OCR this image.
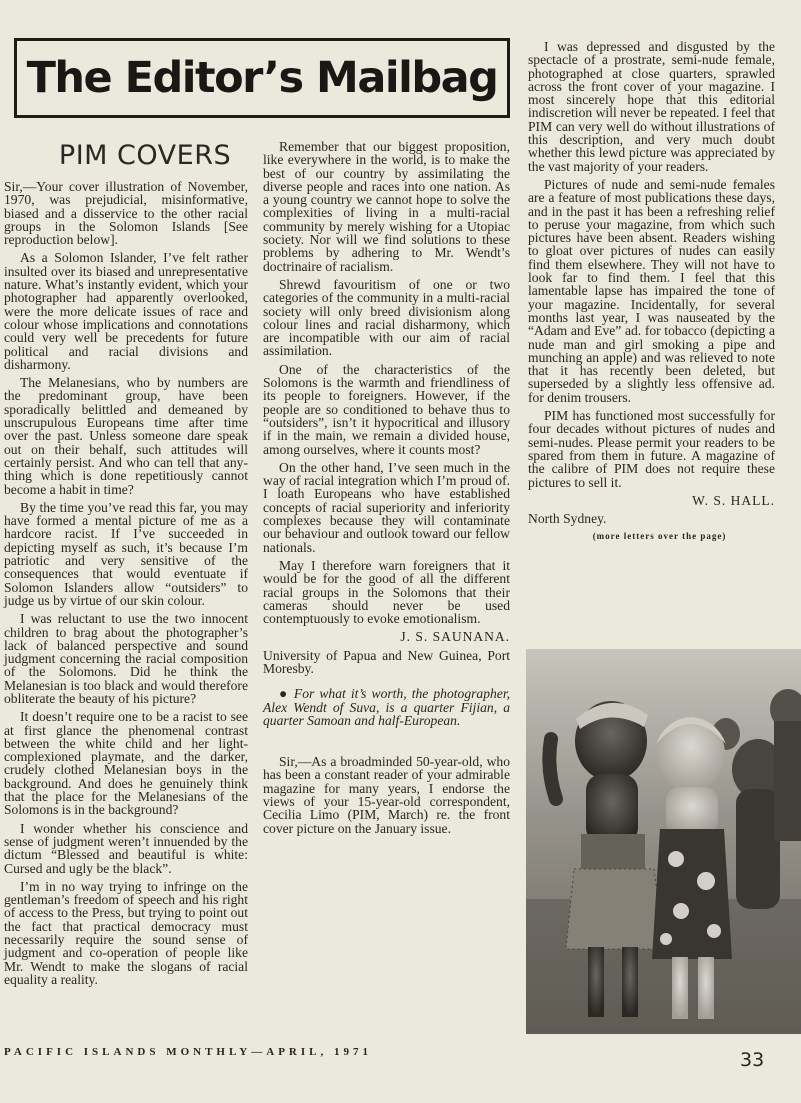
The Editor’s Mailbag
PIM COVERS

Sir,—Your cover illustration of November, 1970, was prejudicial, misinformative, biased and a disservice to the other racial groups in the Solomon Islands [See reproduction below].

As a Solomon Islander, I’ve felt rather insulted over its biased and unrepresentative nature. What’s instantly evident, which your photographer had apparently overlooked, were the more delicate issues of race and colour whose implications and connotations could very well be precedents for future political and racial divisions and disharmony.

The Melanesians, who by numbers are the predominant group, have been sporadically belittled and demeaned by unscrupulous Europeans time after time over the past. Unless someone dare speak out on their behalf, such attitudes will certainly persist. And who can tell that anything which is done repetitiously cannot become a habit in time?

By the time you’ve read this far, you may have formed a mental picture of me as a hardcore racist. If I’ve succeeded in depicting myself as such, it’s because I’m patriotic and very sensitive of the consequences that would eventuate if Solomon Islanders allow “outsiders” to judge us by virtue of our skin colour.

I was reluctant to use the two innocent children to brag about the photographer’s lack of balanced perspective and sound judgment concerning the racial composition of the Solomons. Did he think the Melanesian is too black and would therefore obliterate the beauty of his picture?

It doesn’t require one to be a racist to see at first glance the phenomenal contrast between the white child and her light-complexioned playmate, and the darker, crudely clothed Melanesian boys in the background. And does he genuinely think that the place for the Melanesians of the Solomons is in the background?

I wonder whether his conscience and sense of judgment weren’t innuended by the dictum “Blessed and beautiful is white: Cursed and ugly be the black”.

I’m in no way trying to infringe on the gentleman’s freedom of speech and his right of access to the Press, but trying to point out the fact that practical democracy must necessarily require the sound sense of judgment and co-operation of people like Mr. Wendt to make the slogans of racial equality a reality.

Remember that our biggest proposition, like everywhere in the world, is to make the best of our country by assimilating the diverse people and races into one nation. As a young country we cannot hope to solve the complexities of living in a multi-racial community by merely wishing for a Utopiac society. Nor will we find solutions to these problems by adhering to Mr. Wendt’s doctrinaire of racialism.

Shrewd favouritism of one or two categories of the community in a multi-racial society will only breed divisionism along colour lines and racial disharmony, which are incompatible with our aim of racial assimilation.

One of the characteristics of the Solomons is the warmth and friendliness of its people to foreigners. However, if the people are so conditioned to behave thus to “outsiders”, isn’t it hypocritical and illusory if in the main, we remain a divided house, among ourselves, where it counts most?

On the other hand, I’ve seen much in the way of racial integration which I’m proud of. I loath Europeans who have established concepts of racial superiority and inferiority complexes because they will contaminate our behaviour and outlook toward our fellow nationals.

May I therefore warn foreigners that it would be for the good of all the different racial groups in the Solomons that their cameras should never be used contemptuously to evoke emotionalism.

J. S. SAUNANA.

University of Papua and New Guinea, Port Moresby.

● For what it’s worth, the photographer, Alex Wendt of Suva, is a quarter Fijian, a quarter Samoan and half-European.

Sir,—As a broadminded 50-year-old, who has been a constant reader of your admirable magazine for many years, I endorse the views of your 15-year-old correspondent, Cecilia Limo (PIM, March) re. the front cover picture on the January issue.

I was depressed and disgusted by the spectacle of a prostrate, semi-nude female, photographed at close quarters, sprawled across the front cover of your magazine. I most sincerely hope that this editorial indiscretion will never be repeated. I feel that PIM can very well do without illustrations of this description, and very much doubt whether this lewd picture was appreciated by the vast majority of your readers.

Pictures of nude and semi-nude females are a feature of most publications these days, and in the past it has been a refreshing relief to peruse your magazine, from which such pictures have been absent. Readers wishing to gloat over pictures of nudes can easily find them elsewhere. They will not have to look far to find them. I feel that this lamentable lapse has impaired the tone of your magazine. Incidentally, for several months last year, I was nauseated by the “Adam and Eve” ad. for tobacco (depicting a nude man and girl smoking a pipe and munching an apple) and was relieved to note that it has recently been deleted, but superseded by a slightly less offensive ad. for denim trousers.

PIM has functioned most successfully for four decades without pictures of nudes and semi-nudes. Please permit your readers to be spared from them in future. A magazine of the calibre of PIM does not require these pictures to sell it.

W. S. HALL.

North Sydney.

(more letters over the page)

PACIFIC ISLANDS MONTHLY—APRIL, 1971	33
